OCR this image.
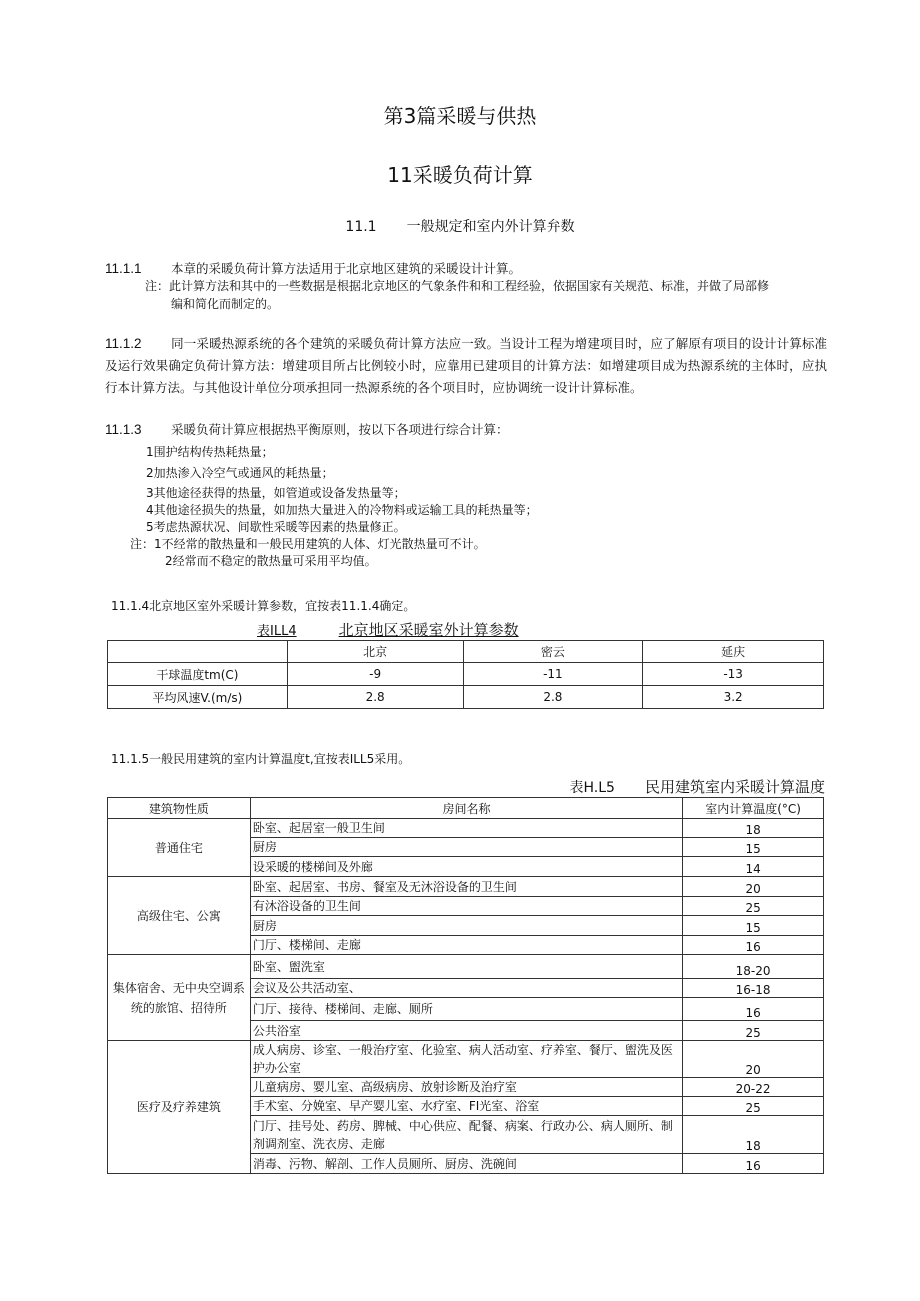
第3篇采暖与供热
11采暖负荷计算
11.1 一般规定和室内外计算弁数
11.1.1 本章的采暖负荷计算方法适用于北京地区建筑的采暖设计计算。
注：此计算方法和其中的一些数据是根据北京地区的气象条件和和工程经验，依据国家有关规范、标准，并做了局部修
编和简化而制定的。
11.1.2 同一采暖热源系统的各个建筑的采暖负荷计算方法应一致。当设计工程为增建项目时，应了解原有项目的设计计算标准及运行效果确定负荷计算方法：增建项目所占比例较小时，应靠用已建项目的计算方法：如增建项目成为热源系统的主体时，应执行本计算方法。与其他设计单位分项承担同一热源系统的各个项目时，应协调统一设计计算标准。
11.1.3 采暖负荷计算应根据热平衡原则，按以下各项进行综合计算：
1围护结构传热耗热量；
2加热渗入冷空气或通风的耗热量；
3其他途径获得的热量，如管道或设备发热量等；
4其他途径损失的热量，如加热大量进入的冷物料或运输工具的耗热量等；
5考虑热源状况、间歇性采暖等因素的热量修正。
注：1不经常的散热量和一般民用建筑的人体、灯光散热量可不计。
2经常而不稳定的散热量可采用平均值。
11.1.4北京地区室外采暖计算参数，宜按表11.1.4确定。
表ILL4	北京地区采暖室外计算参数
	北京	密云	延庆
干球温度tm(C)	-9	-11	-13
平均风速V.(m∕s)	2.8	2.8	3.2
11.1.5一般民用建筑的室内计算温度t,宜按表ILL5采用。
表H.L5 民用建筑室内采暖计算温度
建筑物性质	房间名称	室内计算温度(°C)
普通住宅	卧室、起居室一般卫生间	18
	厨房	15
	设采暖的楼梯间及外廊	14
高级住宅、公寓	卧室、起居室、书房、餐室及无沐浴设备的卫生间	20
	有沐浴设备的卫生间	25
	厨房	15
	门厅、楼梯间、走廊	16
集体宿舍、无中央空调系统的旅馆、招待所	卧室、盥洗室	18-20
	会议及公共活动室、	16-18
	门厅、接待、楼梯间、走廊、厕所	16
	公共浴室	25
医疗及疗养建筑	成人病房、诊室、一般治疗室、化验室、病人活动室、疗养室、餐厅、盥洗及医护办公室	20
	儿童病房、婴儿室、高级病房、放射诊断及治疗室	20-22
	手术室、分娩室、早产婴儿室、水疗室、FI光室、浴室	25
	门厅、挂号处、药房、脾械、中心供应、配餐、病案、行政办公、病人厕所、制剂调剂室、洗衣房、走廊	18
	消毒、污物、解剖、工作人员厕所、厨房、洗碗间	16
